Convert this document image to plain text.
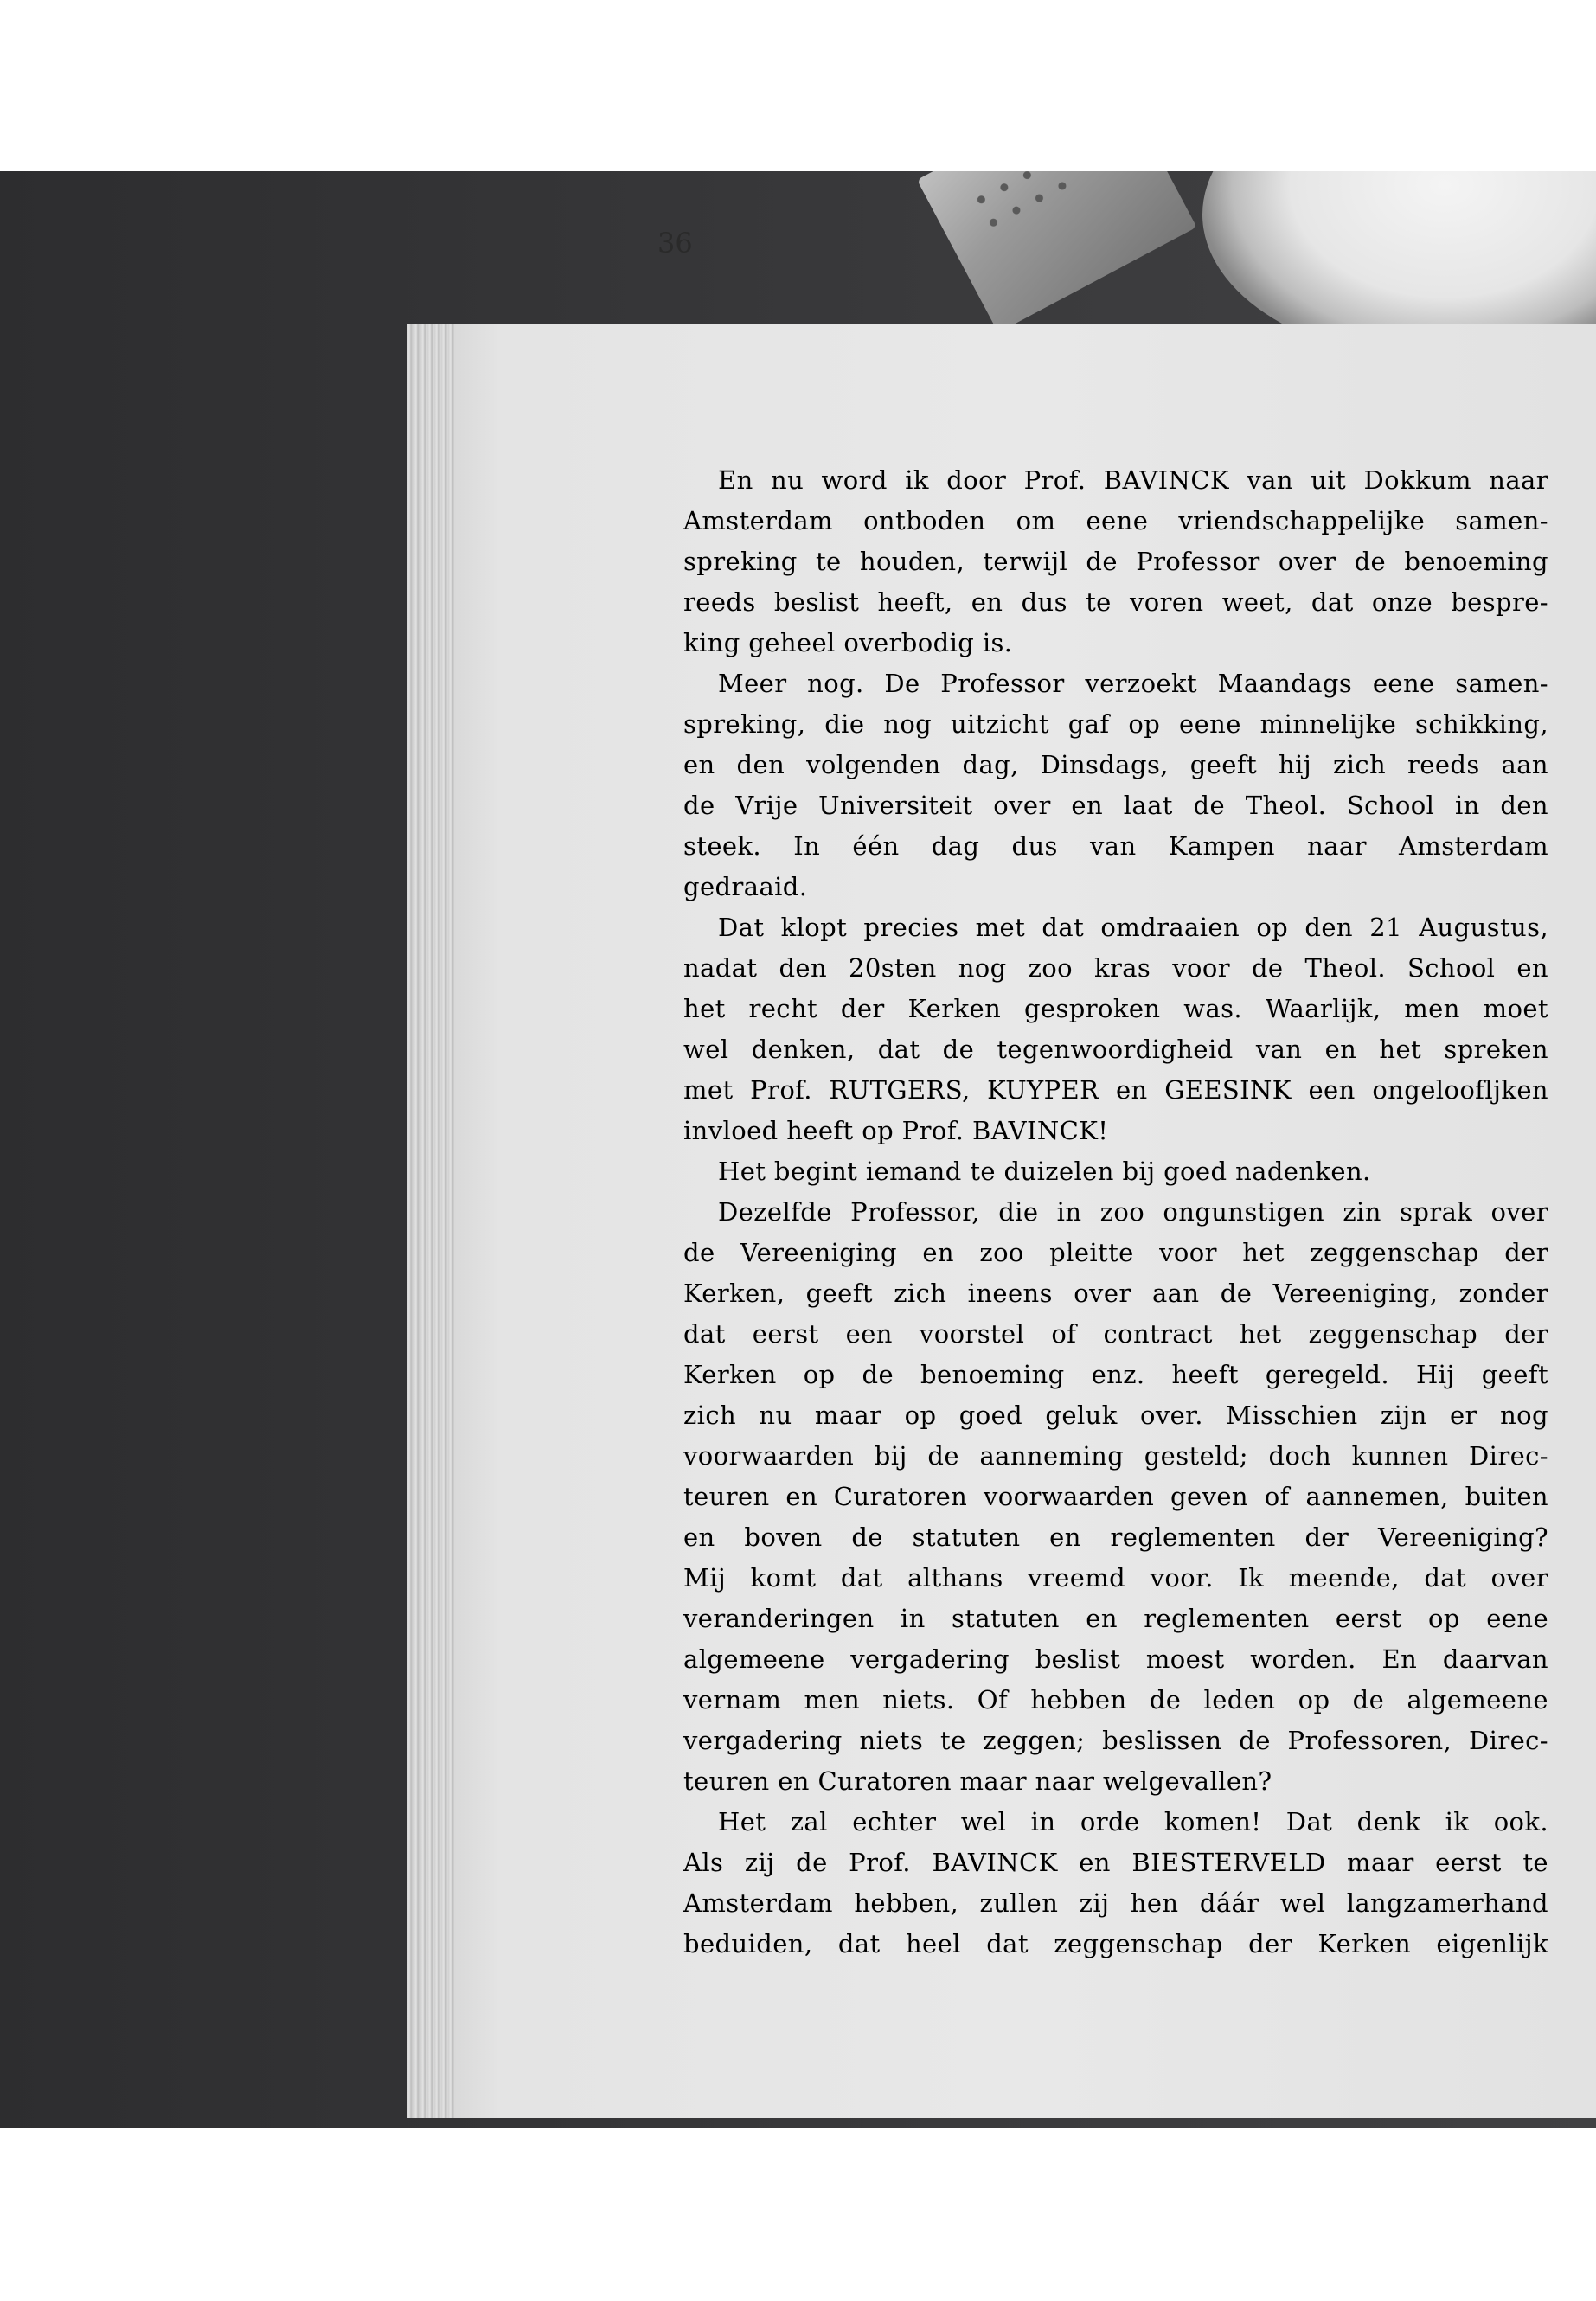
36
En nu word ik door Prof. BAVINCK van uit Dokkum naar
Amsterdam ontboden om eene vriendschappelijke samen-
spreking te houden, terwijl de Professor over de benoeming
reeds beslist heeft, en dus te voren weet, dat onze bespre-
king geheel overbodig is.
Meer nog. De Professor verzoekt Maandags eene samen-
spreking, die nog uitzicht gaf op eene minnelijke schikking,
en den volgenden dag, Dinsdags, geeft hij zich reeds aan
de Vrije Universiteit over en laat de Theol. School in den
steek. In één dag dus van Kampen naar Amsterdam
gedraaid.
Dat klopt precies met dat omdraaien op den 21 Augustus,
nadat den 20sten nog zoo kras voor de Theol. School en
het recht der Kerken gesproken was. Waarlijk, men moet
wel denken, dat de tegenwoordigheid van en het spreken
met Prof. RUTGERS, KUYPER en GEESINK een ongeloofljken
invloed heeft op Prof. BAVINCK!
Het begint iemand te duizelen bij goed nadenken.
Dezelfde Professor, die in zoo ongunstigen zin sprak over
de Vereeniging en zoo pleitte voor het zeggenschap der
Kerken, geeft zich ineens over aan de Vereeniging, zonder
dat eerst een voorstel of contract het zeggenschap der
Kerken op de benoeming enz. heeft geregeld. Hij geeft
zich nu maar op goed geluk over. Misschien zijn er nog
voorwaarden bij de aanneming gesteld; doch kunnen Direc-
teuren en Curatoren voorwaarden geven of aannemen, buiten
en boven de statuten en reglementen der Vereeniging?
Mij komt dat althans vreemd voor. Ik meende, dat over
veranderingen in statuten en reglementen eerst op eene
algemeene vergadering beslist moest worden. En daarvan
vernam men niets. Of hebben de leden op de algemeene
vergadering niets te zeggen; beslissen de Professoren, Direc-
teuren en Curatoren maar naar welgevallen?
Het zal echter wel in orde komen! Dat denk ik ook.
Als zij de Prof. BAVINCK en BIESTERVELD maar eerst te
Amsterdam hebben, zullen zij hen dáár wel langzamerhand
beduiden, dat heel dat zeggenschap der Kerken eigenlijk
